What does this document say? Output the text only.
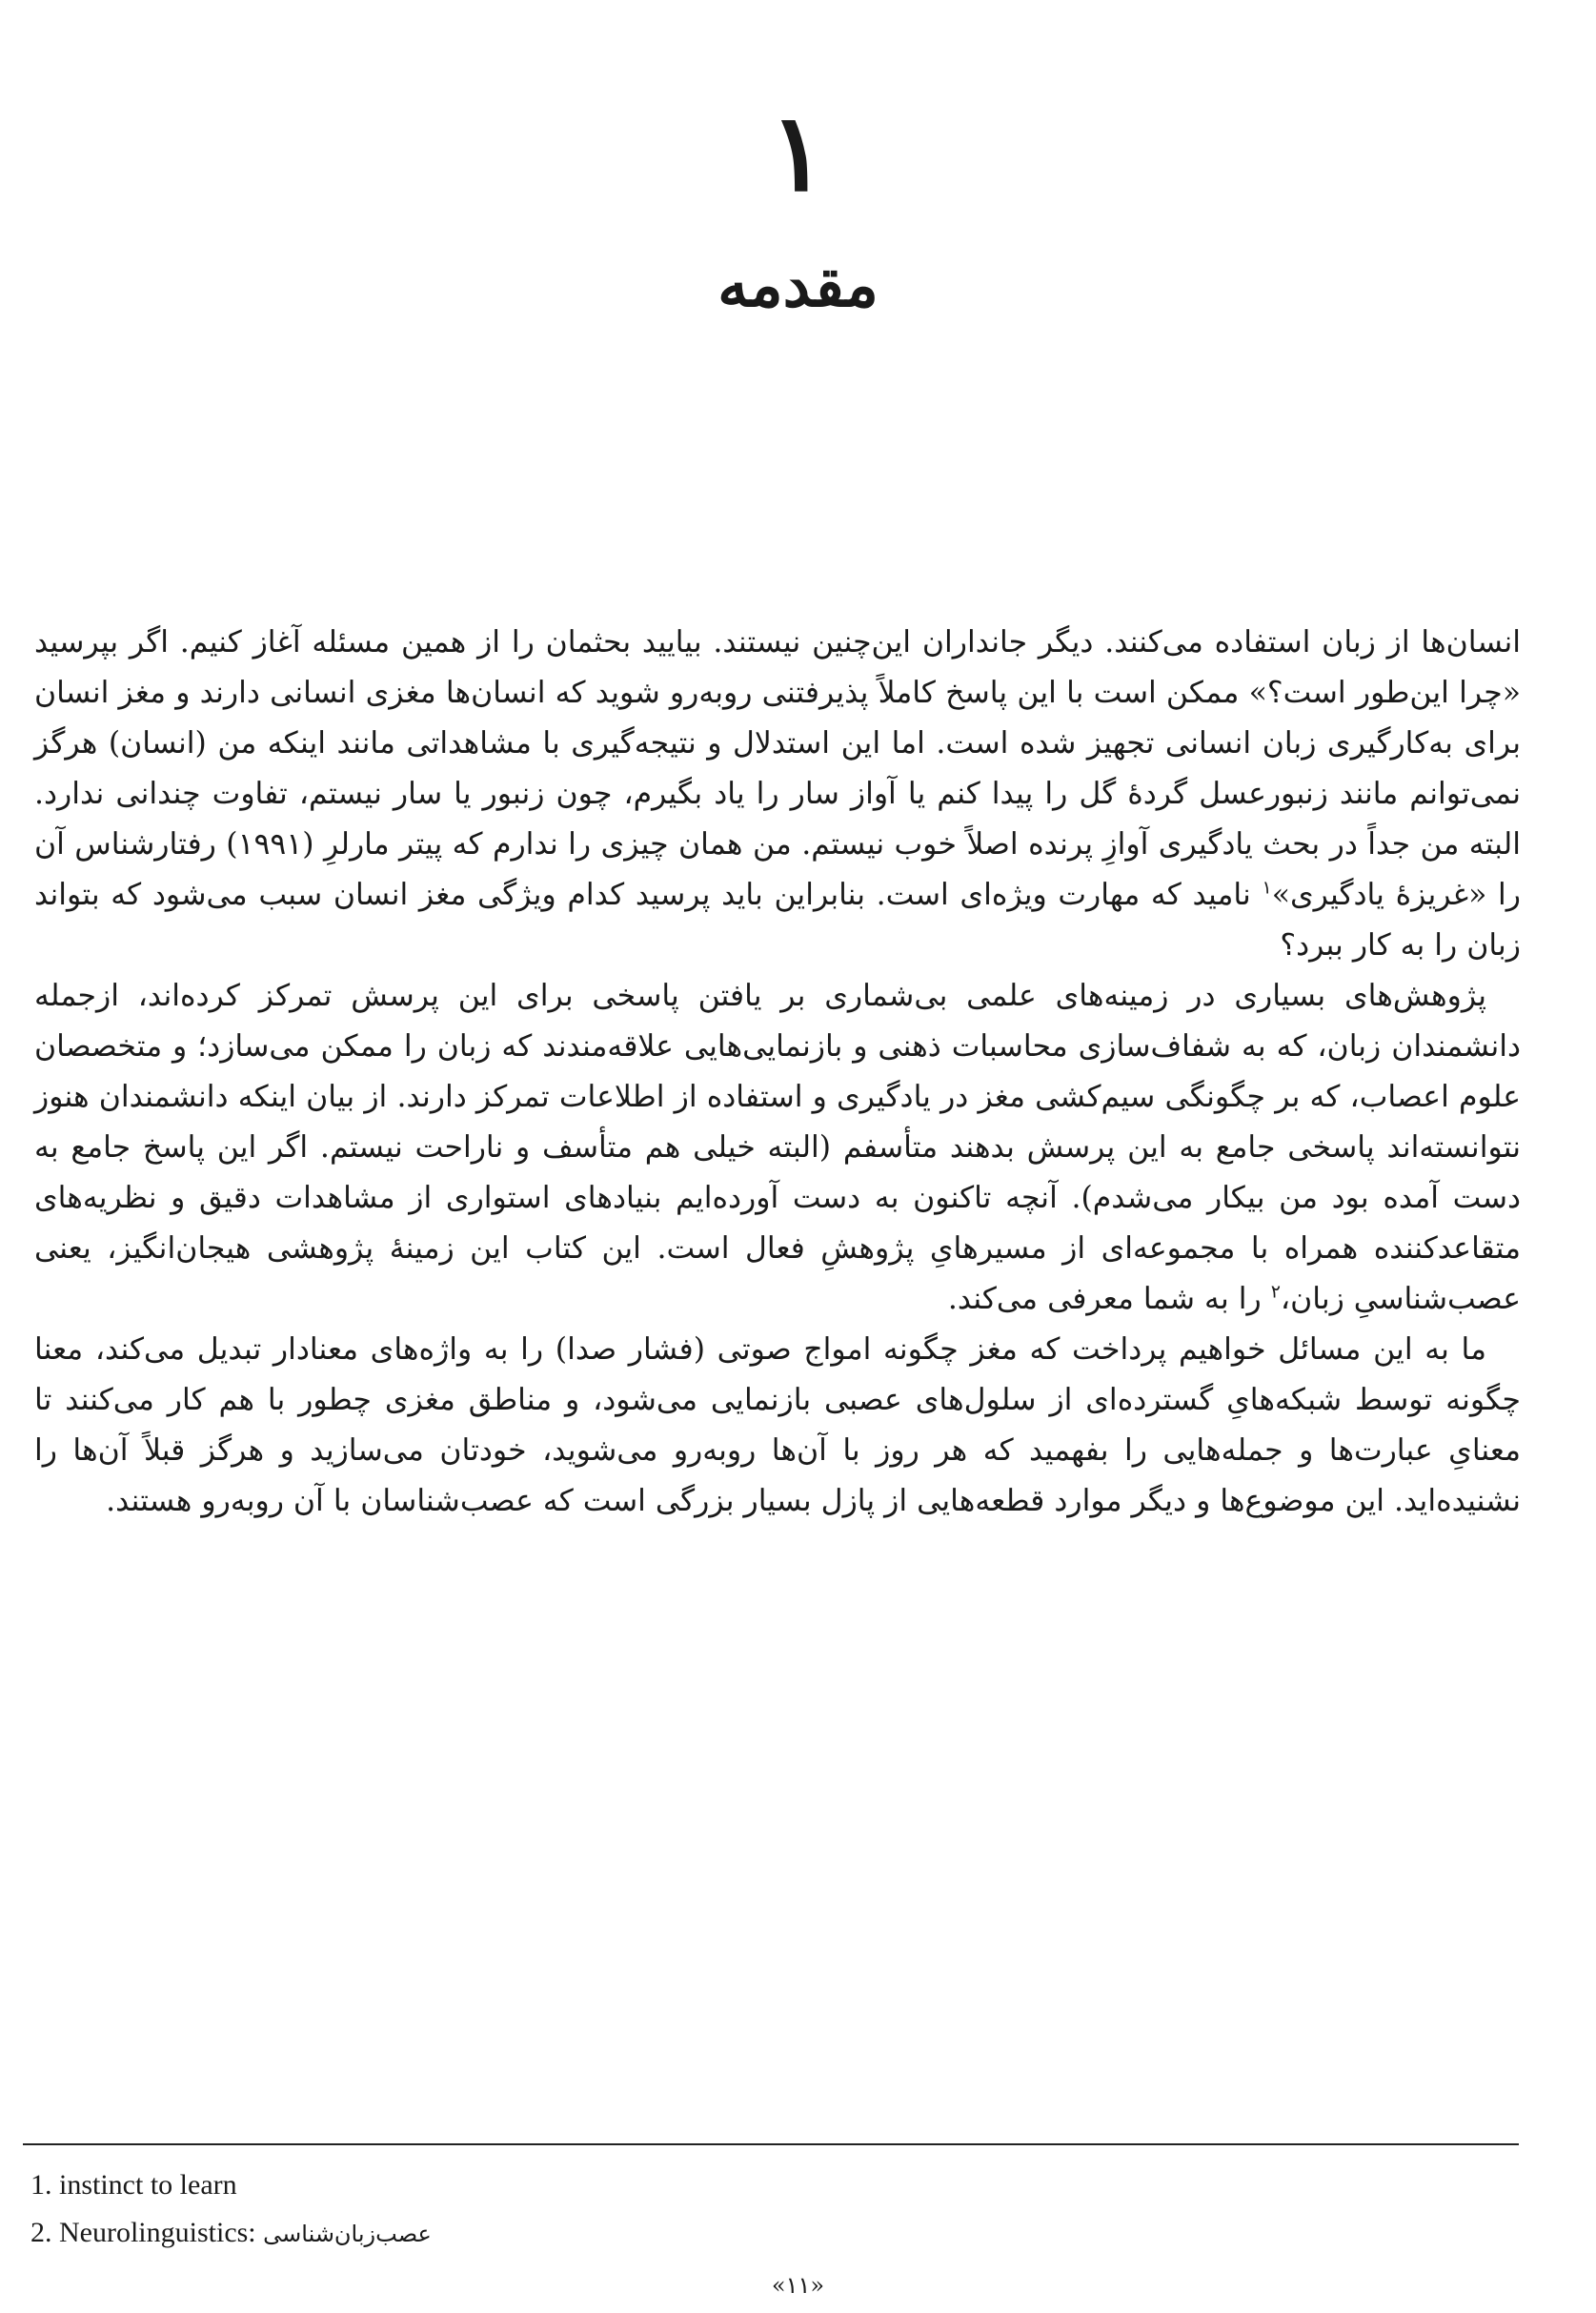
۱
مقدمه

انسان‌ها از زبان استفاده می‌کنند. دیگر جانداران این‌چنین نیستند. بیایید بحثمان را از همین مسئله آغاز کنیم. اگر بپرسید «چرا این‌طور است؟» ممکن است با این پاسخ کاملاً پذیرفتنی روبه‌رو شوید که انسان‌ها مغزی انسانی دارند و مغز انسان برای به‌کارگیری زبان انسانی تجهیز شده است. اما این استدلال و نتیجه‌گیری با مشاهداتی مانند اینکه من (انسان) هرگز نمی‌توانم مانند زنبورعسل گردهٔ گل را پیدا کنم یا آواز سار را یاد بگیرم، چون زنبور یا سار نیستم، تفاوت چندانی ندارد. البته من جداً در بحث یادگیری آوازِ پرنده اصلاً خوب نیستم. من همان چیزی را ندارم که پیتر مارلرِ (۱۹۹۱) رفتارشناس آن را «غریزهٔ یادگیری»$^۱$ نامید که مهارت ویژه‌ای است. بنابراین باید پرسید کدام ویژگی مغز انسان سبب می‌شود که بتواند زبان را به کار ببرد؟

پژوهش‌های بسیاری در زمینه‌های علمی بی‌شماری بر یافتن پاسخی برای این پرسش تمرکز کرده‌اند، ازجمله دانشمندان زبان، که به شفاف‌سازی محاسبات ذهنی و بازنمایی‌هایی علاقه‌مندند که زبان را ممکن می‌سازد؛ و متخصصان علوم اعصاب، که بر چگونگی سیم‌کشی مغز در یادگیری و استفاده از اطلاعات تمرکز دارند. از بیان اینکه دانشمندان هنوز نتوانسته‌اند پاسخی جامع به این پرسش بدهند متأسفم (البته خیلی هم متأسف و ناراحت نیستم. اگر این پاسخ جامع به دست آمده بود من بیکار می‌شدم). آنچه تاکنون به دست آورده‌ایم بنیادهای استواری از مشاهدات دقیق و نظریه‌های متقاعدکننده همراه با مجموعه‌ای از مسیرهایِ پژوهشِ فعال است. این کتاب این زمینهٔ پژوهشی هیجان‌انگیز، یعنی عصب‌شناسیِ زبان،$^۲$ را به شما معرفی می‌کند.

ما به این مسائل خواهیم پرداخت که مغز چگونه امواج صوتی (فشار صدا) را به واژه‌های معنادار تبدیل می‌کند، معنا چگونه توسط شبکه‌هایِ گسترده‌ای از سلول‌های عصبی بازنمایی می‌شود، و مناطق مغزی چطور با هم کار می‌کنند تا معنایِ عبارت‌ها و جمله‌هایی را بفهمید که هر روز با آن‌ها روبه‌رو می‌شوید، خودتان می‌سازید و هرگز قبلاً آن‌ها را نشنیده‌اید. این موضوع‌ها و دیگر موارد قطعه‌هایی از پازل بسیار بزرگی است که عصب‌شناسان با آن روبه‌رو هستند.

1. instinct to learn
2. Neurolinguistics: عصب‌زبان‌شناسی
«۱۱»
